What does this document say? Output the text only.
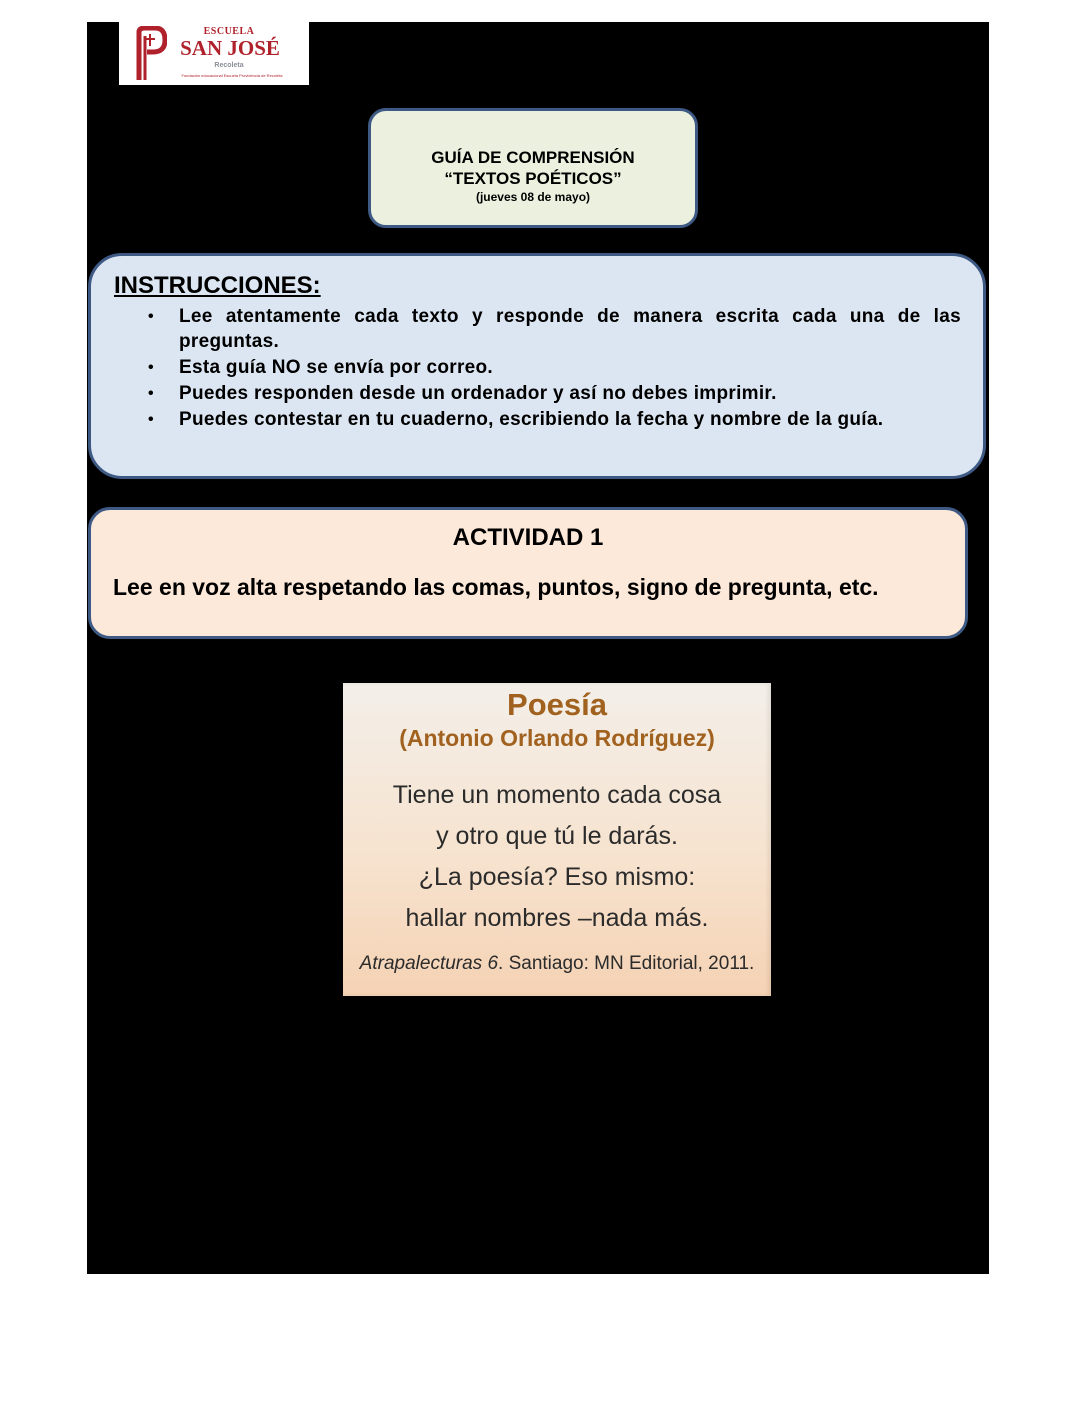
ESCUELA
SAN JOSÉ
Recoleta
Fundación educacional Escuela Providencia de Recoleta
GUÍA DE COMPRENSIÓN
“TEXTOS POÉTICOS”
(jueves 08 de mayo)
INSTRUCCIONES:
• Lee atentamente cada texto y responde de manera escrita cada una de las preguntas.
• Esta guía NO se envía por correo.
• Puedes responden desde un ordenador y así no debes imprimir.
• Puedes contestar en tu cuaderno, escribiendo la fecha y nombre de la guía.
ACTIVIDAD 1
Lee en voz alta respetando las comas, puntos, signo de pregunta, etc.
Poesía
(Antonio Orlando Rodríguez)
Tiene un momento cada cosa
y otro que tú le darás.
¿La poesía? Eso mismo:
hallar nombres –nada más.
Atrapalecturas 6. Santiago: MN Editorial, 2011.
